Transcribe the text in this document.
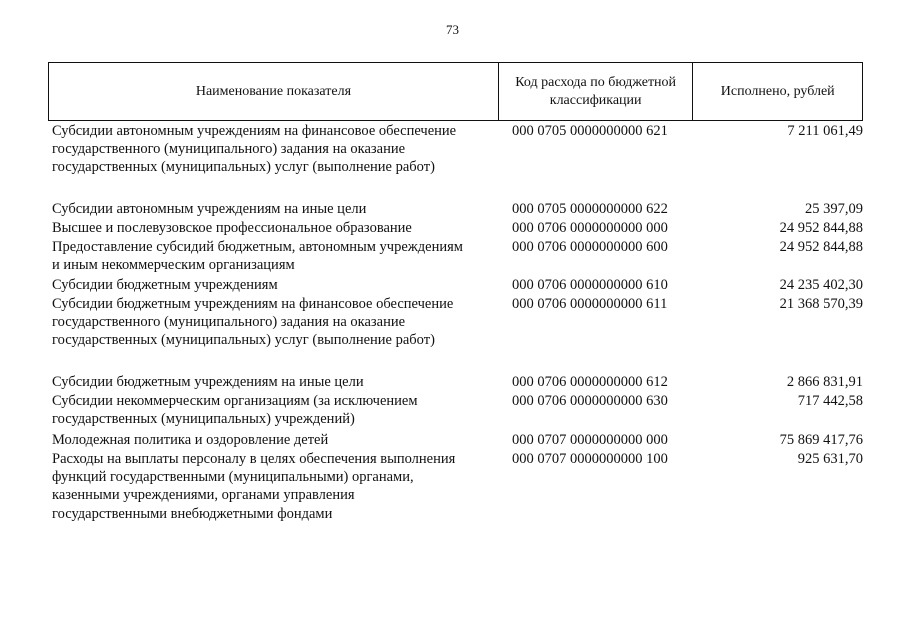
73
Наименование показателя
Код расхода по бюджетной
классификации
Исполнено, рублей
Субсидии автономным учреждениям на финансовое обеспечение
государственного (муниципального) задания на оказание
государственных (муниципальных) услуг (выполнение работ)
000 0705 0000000000 621	7 211 061,49
Субсидии автономным учреждениям на иные цели	000 0705 0000000000 622	25 397,09
Высшее и послевузовское профессиональное образование	000 0706 0000000000 000	24 952 844,88
Предоставление субсидий бюджетным, автономным учреждениям
и иным некоммерческим организациям
000 0706 0000000000 600	24 952 844,88
Субсидии бюджетным учреждениям	000 0706 0000000000 610	24 235 402,30
Субсидии бюджетным учреждениям на финансовое обеспечение
государственного (муниципального) задания на оказание
государственных (муниципальных) услуг (выполнение работ)
000 0706 0000000000 611	21 368 570,39
Субсидии бюджетным учреждениям на иные цели	000 0706 0000000000 612	2 866 831,91
Субсидии некоммерческим организациям (за исключением
государственных (муниципальных) учреждений)
000 0706 0000000000 630	717 442,58
Молодежная политика и оздоровление детей	000 0707 0000000000 000	75 869 417,76
Расходы на выплаты персоналу в целях обеспечения выполнения
функций государственными (муниципальными) органами,
казенными учреждениями, органами управления
государственными внебюджетными фондами
000 0707 0000000000 100	925 631,70
